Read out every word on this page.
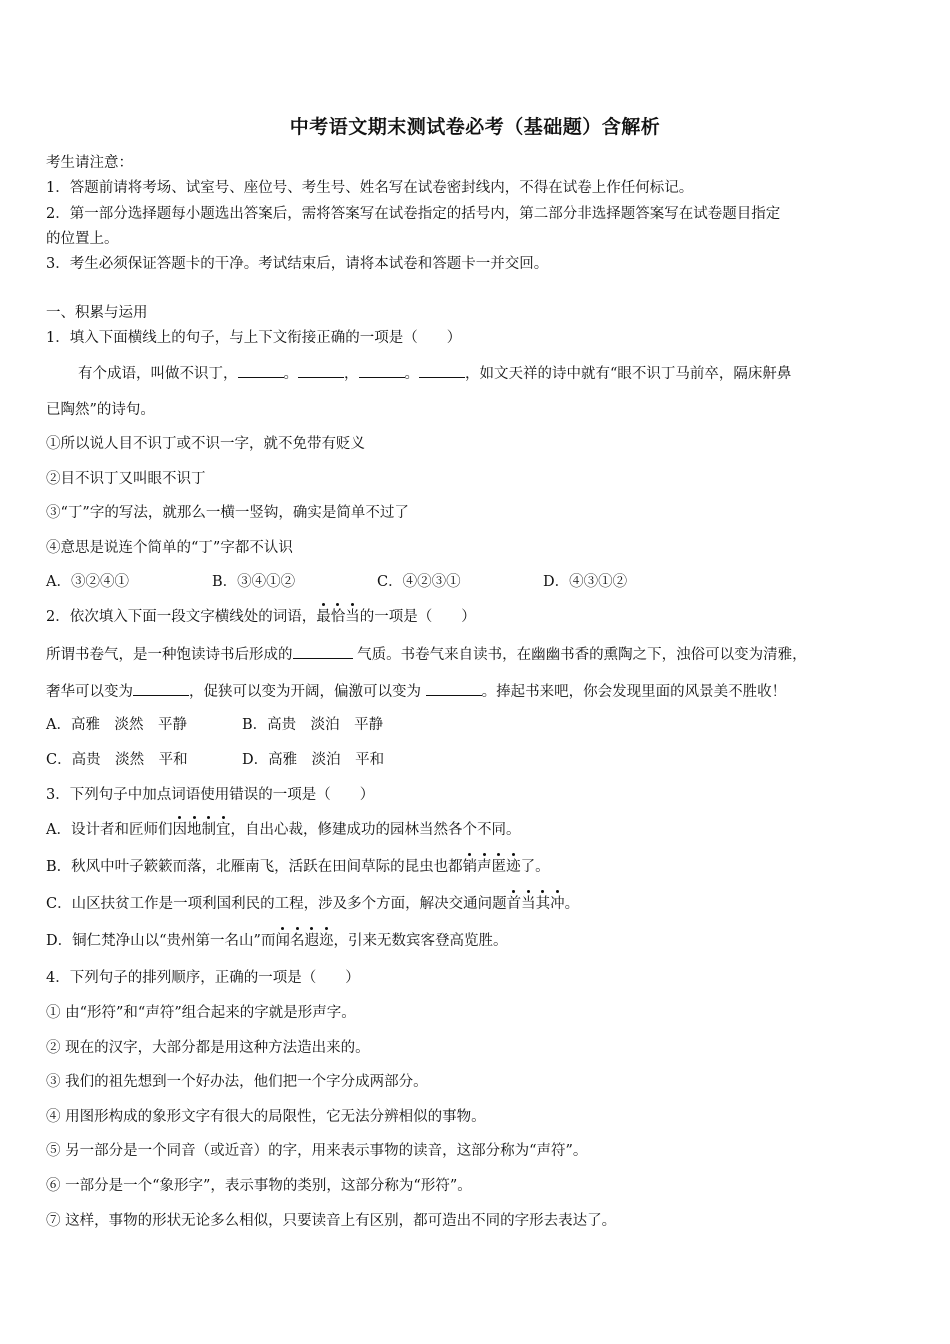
中考语文期末测试卷必考（基础题）含解析
考生请注意：
1．答题前请将考场、试室号、座位号、考生号、姓名写在试卷密封线内，不得在试卷上作任何标记。
2．第一部分选择题每小题选出答案后，需将答案写在试卷指定的括号内，第二部分非选择题答案写在试卷题目指定
的位置上。
3．考生必须保证答题卡的干净。考试结束后，请将本试卷和答题卡一并交回。
一、积累与运用
1．填入下面横线上的句子，与上下文衔接正确的一项是（　　）
有个成语，叫做不识丁，	。	，	。	，如文天祥的诗中就有“眼不识丁马前卒，隔床鼾鼻
已陶然”的诗句。
①所以说人目不识丁或不识一字，就不免带有贬义
②目不识丁又叫眼不识丁
③“丁”字的写法，就那么一横一竖钩，确实是简单不过了
④意思是说连个简单的“丁”字都不认识
A．③②④①	B．③④①②	C．④②③①	D．④③①②
2．依次填入下面一段文字横线处的词语，最恰当的一项是（　　）
所谓书卷气，是一种饱读诗书后形成的	气质。书卷气来自读书，在幽幽书香的熏陶之下，浊俗可以变为清雅，
奢华可以变为	，促狭可以变为开阔，偏激可以变为	。捧起书来吧，你会发现里面的风景美不胜收！
A．高雅　淡然　平静	B．高贵　淡泊　平静
C．高贵　淡然　平和	D．高雅　淡泊　平和
3．下列句子中加点词语使用错误的一项是（　　）
A．设计者和匠师们因地制宜，自出心裁，修建成功的园林当然各个不同。
B．秋风中叶子簌簌而落，北雁南飞，活跃在田间草际的昆虫也都销声匿迹了。
C．山区扶贫工作是一项利国利民的工程，涉及多个方面，解决交通问题首当其冲。
D．铜仁梵净山以“贵州第一名山”而闻名遐迩，引来无数宾客登高览胜。
4．下列句子的排列顺序，正确的一项是（　　）
① 由“形符”和“声符”组合起来的字就是形声字。
② 现在的汉字，大部分都是用这种方法造出来的。
③ 我们的祖先想到一个好办法，他们把一个字分成两部分。
④ 用图形构成的象形文字有很大的局限性，它无法分辨相似的事物。
⑤ 另一部分是一个同音（或近音）的字，用来表示事物的读音，这部分称为“声符”。
⑥ 一部分是一个“象形字”，表示事物的类别，这部分称为“形符”。
⑦ 这样，事物的形状无论多么相似，只要读音上有区别，都可造出不同的字形去表达了。
